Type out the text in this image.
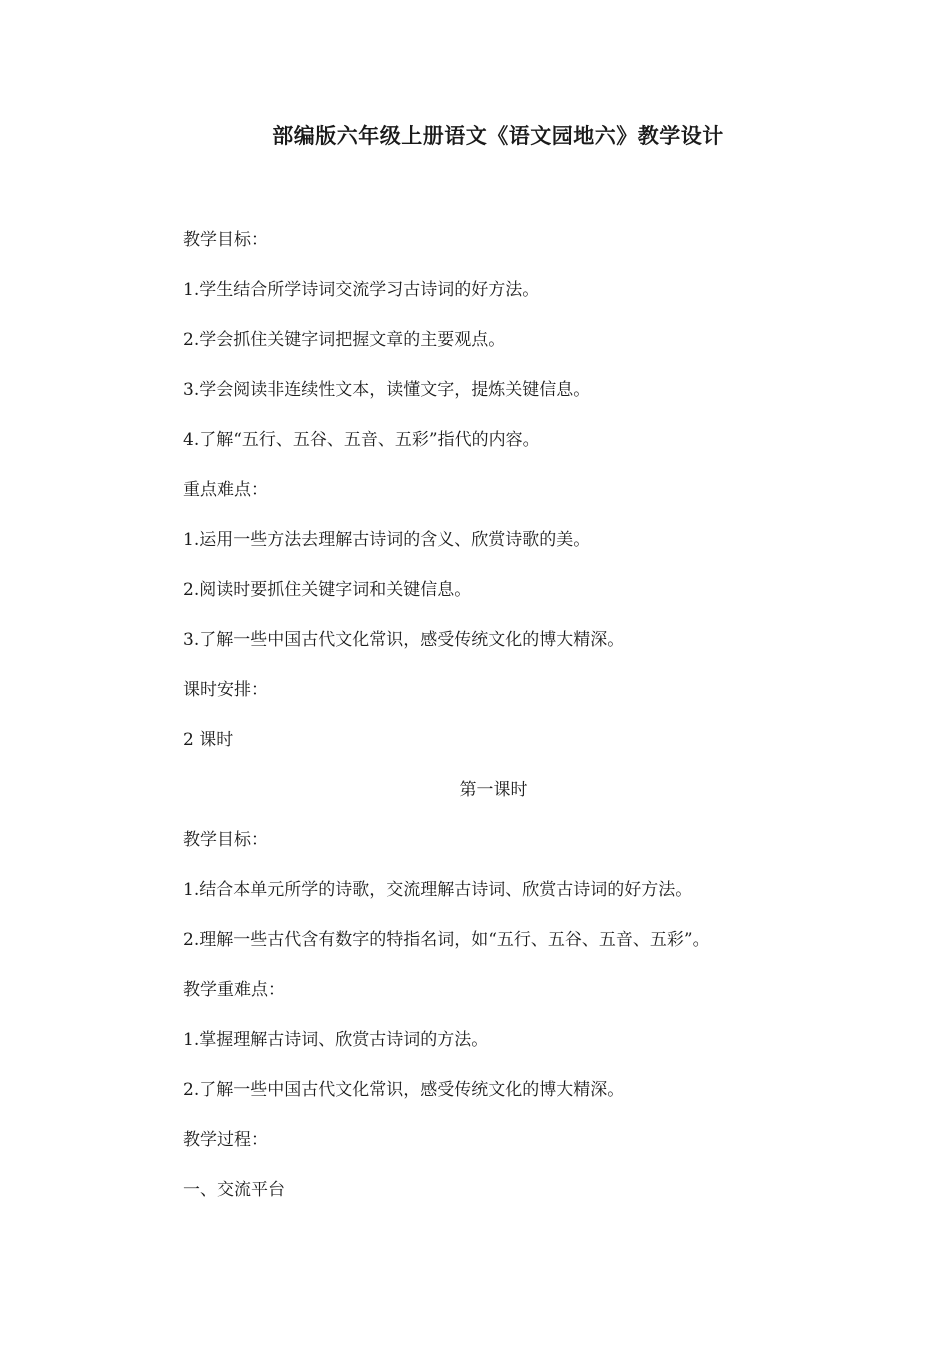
部编版六年级上册语文《语文园地六》教学设计
教学目标：
1.学生结合所学诗词交流学习古诗词的好方法。
2.学会抓住关键字词把握文章的主要观点。
3.学会阅读非连续性文本，读懂文字，提炼关键信息。
4.了解“五行、五谷、五音、五彩”指代的内容。
重点难点：
1.运用一些方法去理解古诗词的含义、欣赏诗歌的美。
2.阅读时要抓住关键字词和关键信息。
3.了解一些中国古代文化常识，感受传统文化的博大精深。
课时安排：
2 课时
第一课时
教学目标：
1.结合本单元所学的诗歌，交流理解古诗词、欣赏古诗词的好方法。
2.理解一些古代含有数字的特指名词，如“五行、五谷、五音、五彩”。
教学重难点：
1.掌握理解古诗词、欣赏古诗词的方法。
2.了解一些中国古代文化常识，感受传统文化的博大精深。
教学过程：
一、交流平台
